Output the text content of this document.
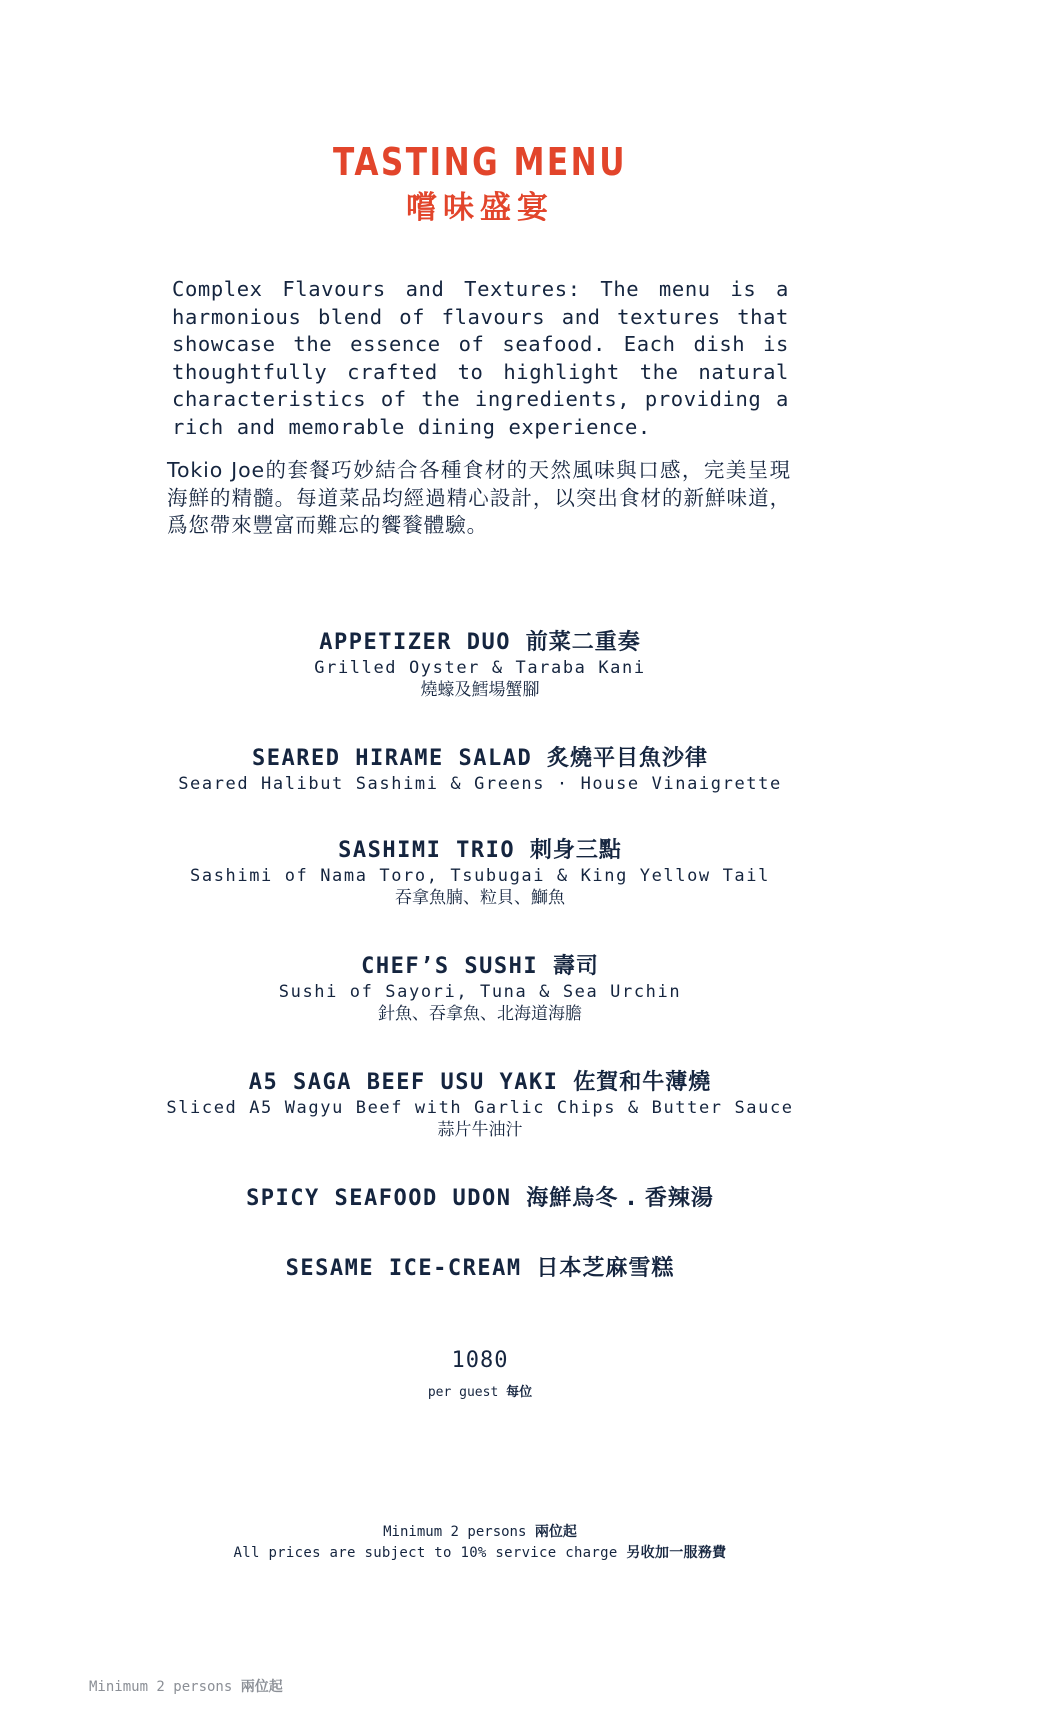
TASTING MENU
嚐味盛宴
Complex Flavours and Textures: The menu is a harmonious blend of flavours and textures that showcase the essence of seafood. Each dish is thoughtfully crafted to highlight the natural characteristics of the ingredients, providing a rich and memorable dining experience.
Tokio Joe的套餐巧妙結合各種食材的天然風味與口感，完美呈現海鮮的精髓。每道菜品均經過精心設計，以突出食材的新鮮味道，爲您帶來豐富而難忘的饗餮體驗。
APPETIZER DUO 前菜二重奏
Grilled Oyster & Taraba Kani
燒蠔及鱈場蟹腳
SEARED HIRAME SALAD 炙燒平目魚沙律
Seared Halibut Sashimi & Greens · House Vinaigrette
SASHIMI TRIO 刺身三點
Sashimi of Nama Toro, Tsubugai & King Yellow Tail
吞拿魚腩、粒貝、鰤魚
CHEF’S SUSHI 壽司
Sushi of Sayori, Tuna & Sea Urchin
針魚、吞拿魚、北海道海膽
A5 SAGA BEEF USU YAKI 佐賀和牛薄燒
Sliced A5 Wagyu Beef with Garlic Chips & Butter Sauce
蒜片牛油汁
SPICY SEAFOOD UDON 海鮮烏冬 . 香辣湯
SESAME ICE-CREAM 日本芝麻雪糕
1080
per guest 每位
Minimum 2 persons 兩位起
All prices are subject to 10% service charge 另收加一服務費
Minimum 2 persons 兩位起
